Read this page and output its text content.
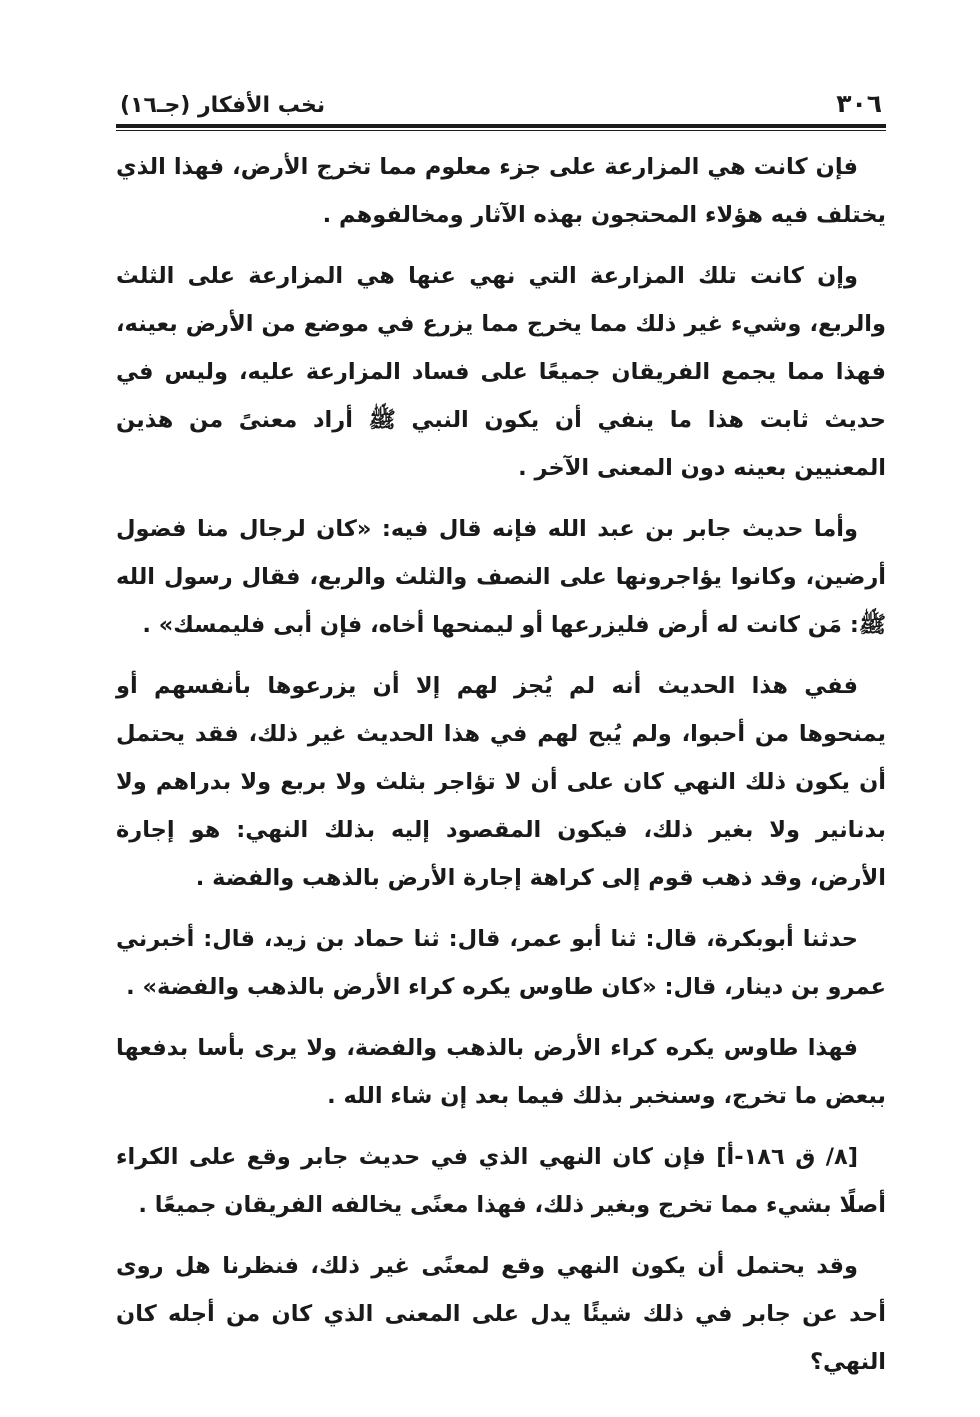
٣٠٦
نخب الأفكار (جـ١٦)

فإن كانت هي المزارعة على جزء معلوم مما تخرج الأرض، فهذا الذي يختلف فيه هؤلاء المحتجون بهذه الآثار ومخالفوهم .

وإن كانت تلك المزارعة التي نهي عنها هي المزارعة على الثلث والربع، وشيء غير ذلك مما يخرج مما يزرع في موضع من الأرض بعينه، فهذا مما يجمع الفريقان جميعًا على فساد المزارعة عليه، وليس في حديث ثابت هذا ما ينفي أن يكون النبي ﷺ أراد معنىً من هذين المعنيين بعينه دون المعنى الآخر .

وأما حديث جابر بن عبد الله فإنه قال فيه: «كان لرجال منا فضول أرضين، وكانوا يؤاجرونها على النصف والثلث والربع، فقال رسول الله ﷺ: مَن كانت له أرض فليزرعها أو ليمنحها أخاه، فإن أبى فليمسك» .

ففي هذا الحديث أنه لم يُجز لهم إلا أن يزرعوها بأنفسهم أو يمنحوها من أحبوا، ولم يُبح لهم في هذا الحديث غير ذلك، فقد يحتمل أن يكون ذلك النهي كان على أن لا تؤاجر بثلث ولا بربع ولا بدراهم ولا بدنانير ولا بغير ذلك، فيكون المقصود إليه بذلك النهي: هو إجارة الأرض، وقد ذهب قوم إلى كراهة إجارة الأرض بالذهب والفضة .

حدثنا أبوبكرة، قال: ثنا أبو عمر، قال: ثنا حماد بن زيد، قال: أخبرني عمرو بن دينار، قال: «كان طاوس يكره كراء الأرض بالذهب والفضة» .

فهذا طاوس يكره كراء الأرض بالذهب والفضة، ولا يرى بأسا بدفعها ببعض ما تخرج، وسنخبر بذلك فيما بعد إن شاء الله .

[٨/ ق ١٨٦-أ] فإن كان النهي الذي في حديث جابر وقع على الكراء أصلًا بشيء مما تخرج وبغير ذلك، فهذا معنًى يخالفه الفريقان جميعًا .

وقد يحتمل أن يكون النهي وقع لمعنًى غير ذلك، فنظرنا هل روى أحد عن جابر في ذلك شيئًا يدل على المعنى الذي كان من أجله كان النهي؟
